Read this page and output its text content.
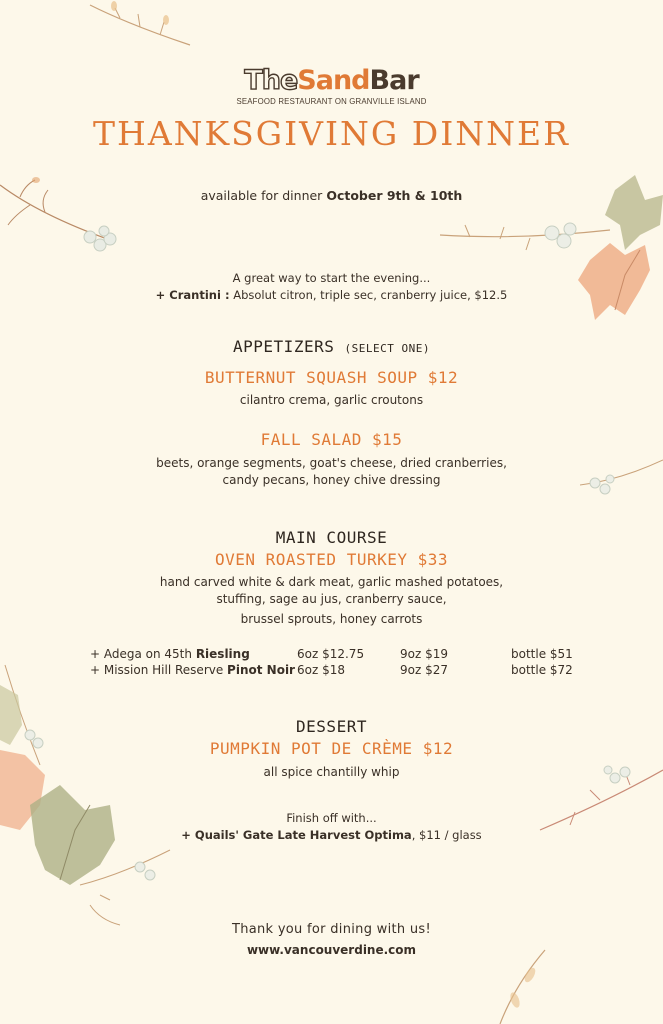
TheSandBar
SEAFOOD RESTAURANT ON GRANVILLE ISLAND
THANKSGIVING DINNER
available for dinner October 9th & 10th
A great way to start the evening...
+ Crantini : Absolut citron, triple sec, cranberry juice, $12.5
APPETIZERS (SELECT ONE)
BUTTERNUT SQUASH SOUP $12
cilantro crema, garlic croutons
FALL SALAD $15
beets, orange segments, goat's cheese, dried cranberries,
candy pecans, honey chive dressing
MAIN COURSE
OVEN ROASTED TURKEY $33
hand carved white & dark meat, garlic mashed potatoes,
stuffing, sage au jus, cranberry sauce,
brussel sprouts, honey carrots
+ Adega on 45th Riesling	6oz $12.75	9oz $19	bottle $51
+ Mission Hill Reserve Pinot Noir 6oz $18	9oz $27	bottle $72
DESSERT
PUMPKIN POT DE CRÈME $12
all spice chantilly whip
Finish off with...
+ Quails' Gate Late Harvest Optima, $11 / glass
Thank you for dining with us!
www.vancouverdine.com
